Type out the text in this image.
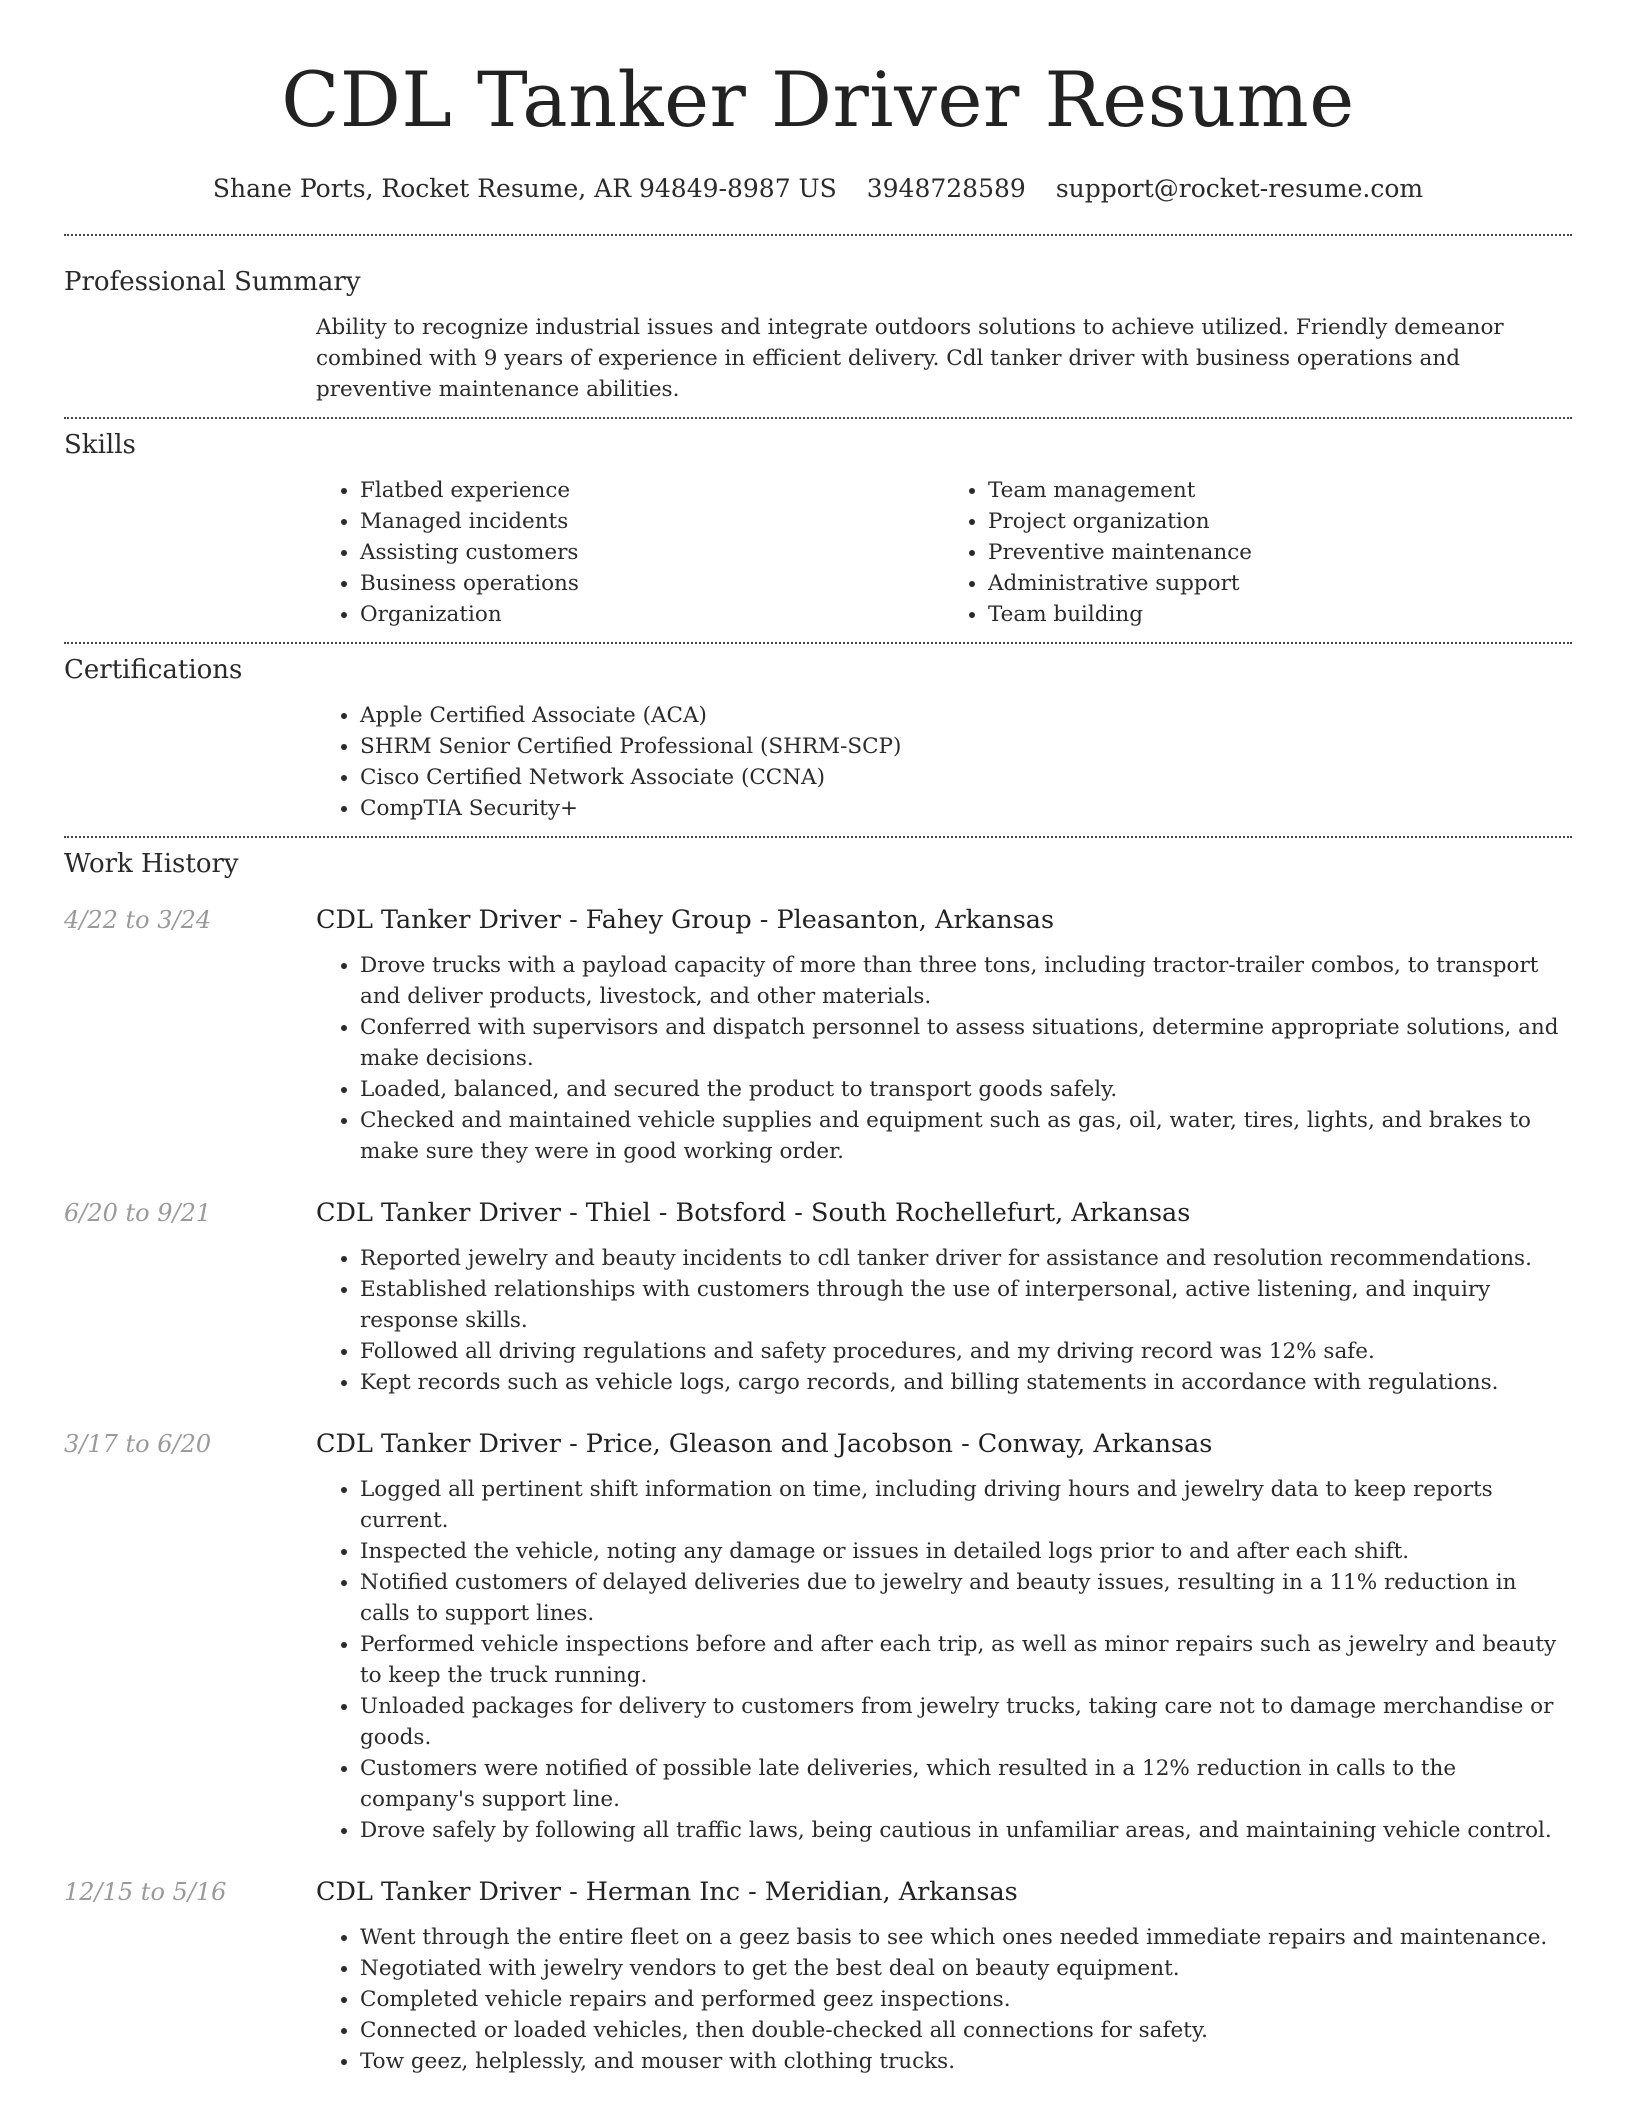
CDL Tanker Driver Resume
Shane Ports, Rocket Resume, AR 94849-8987 US 3948728589 support@rocket-resume.com
Professional Summary

Ability to recognize industrial issues and integrate outdoors solutions to achieve utilized. Friendly demeanor combined with 9 years of experience in efficient delivery. Cdl tanker driver with business operations and preventive maintenance abilities.

Skills
• Flatbed experience
• Managed incidents
• Assisting customers
• Business operations
• Organization
• Team management
• Project organization
• Preventive maintenance
• Administrative support
• Team building
Certifications
• Apple Certified Associate (ACA)
• SHRM Senior Certified Professional (SHRM-SCP)
• Cisco Certified Network Associate (CCNA)
• CompTIA Security+
Work History
4/22 to 3/24	CDL Tanker Driver - Fahey Group - Pleasanton, Arkansas
• Drove trucks with a payload capacity of more than three tons, including tractor-trailer combos, to transport and deliver products, livestock, and other materials.
• Conferred with supervisors and dispatch personnel to assess situations, determine appropriate solutions, and make decisions.
• Loaded, balanced, and secured the product to transport goods safely.
• Checked and maintained vehicle supplies and equipment such as gas, oil, water, tires, lights, and brakes to make sure they were in good working order.
6/20 to 9/21	CDL Tanker Driver - Thiel - Botsford - South Rochellefurt, Arkansas
• Reported jewelry and beauty incidents to cdl tanker driver for assistance and resolution recommendations.
• Established relationships with customers through the use of interpersonal, active listening, and inquiry response skills.
• Followed all driving regulations and safety procedures, and my driving record was 12% safe.
• Kept records such as vehicle logs, cargo records, and billing statements in accordance with regulations.
3/17 to 6/20	CDL Tanker Driver - Price, Gleason and Jacobson - Conway, Arkansas
• Logged all pertinent shift information on time, including driving hours and jewelry data to keep reports current.
• Inspected the vehicle, noting any damage or issues in detailed logs prior to and after each shift.
• Notified customers of delayed deliveries due to jewelry and beauty issues, resulting in a 11% reduction in calls to support lines.
• Performed vehicle inspections before and after each trip, as well as minor repairs such as jewelry and beauty to keep the truck running.
• Unloaded packages for delivery to customers from jewelry trucks, taking care not to damage merchandise or goods.
• Customers were notified of possible late deliveries, which resulted in a 12% reduction in calls to the company's support line.
• Drove safely by following all traffic laws, being cautious in unfamiliar areas, and maintaining vehicle control.
12/15 to 5/16	CDL Tanker Driver - Herman Inc - Meridian, Arkansas
• Went through the entire fleet on a geez basis to see which ones needed immediate repairs and maintenance.
• Negotiated with jewelry vendors to get the best deal on beauty equipment.
• Completed vehicle repairs and performed geez inspections.
• Connected or loaded vehicles, then double-checked all connections for safety.
• Tow geez, helplessly, and mouser with clothing trucks.
